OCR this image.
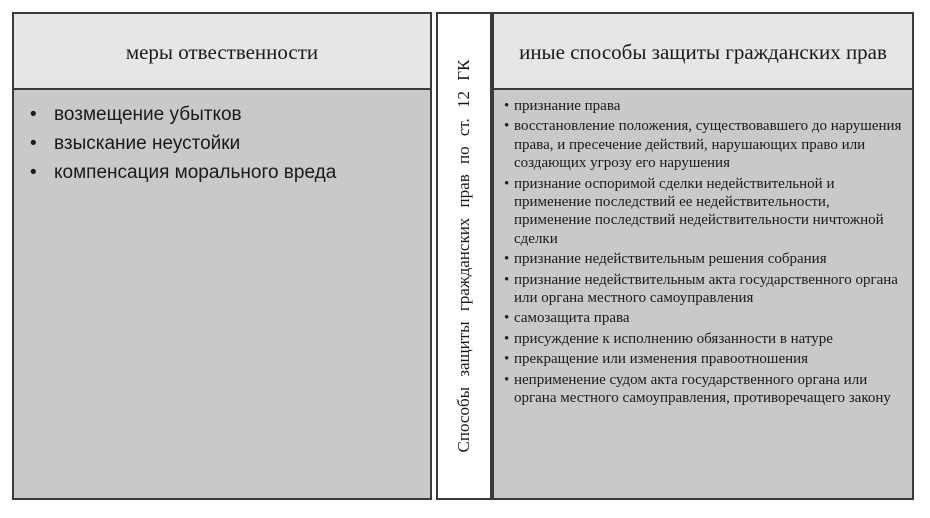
меры отвественности
• возмещение убытков
• взыскание неустойки
• компенсация морального вреда	Способы защиты гражданских прав по ст. 12 ГК
иные способы защиты гражданских прав
• признание права
• восстановление положения, существовавшего до нарушения права, и пресечение действий, нарушающих право или создающих угрозу его нарушения
• признание оспоримой сделки недействительной и применение последствий ее недействительности, применение последствий недействительности ничтожной сделки
• признание недействительным решения собрания
• признание недействительным акта государственного органа или органа местного самоуправления
• самозащита права
• присуждение к исполнению обязанности в натуре
• прекращение или изменения правоотношения
• неприменение судом акта государственного органа или органа местного самоуправления, противоречащего закону
